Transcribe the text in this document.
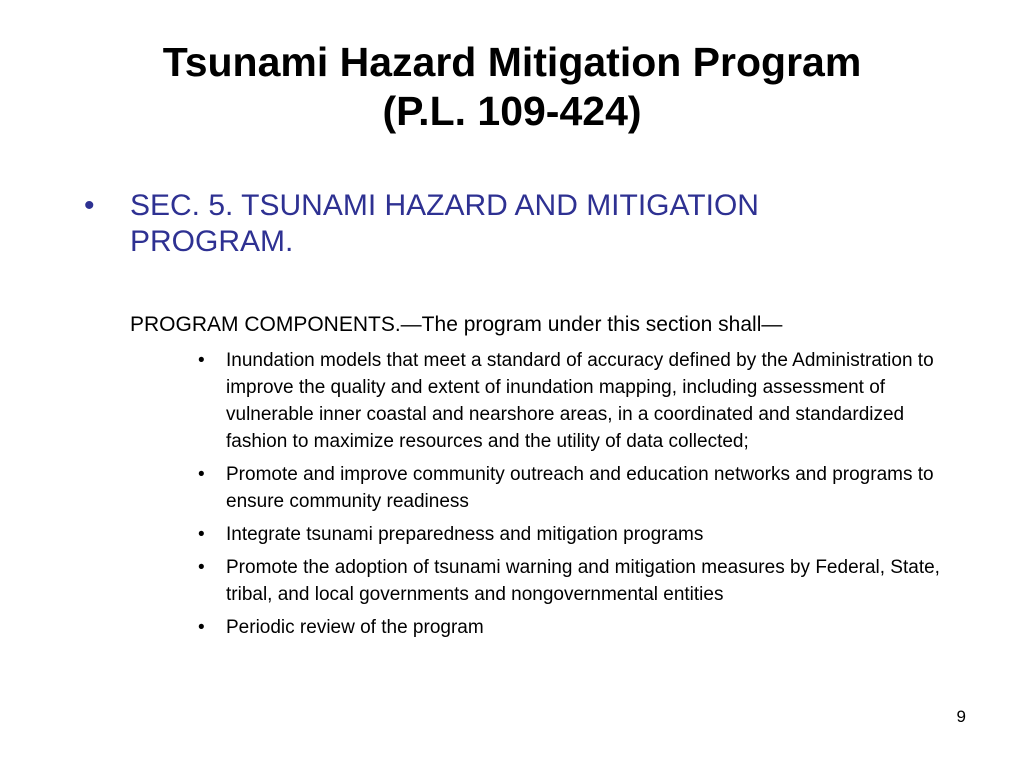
Tsunami Hazard Mitigation Program
(P.L. 109-424)
• SEC. 5. TSUNAMI HAZARD AND MITIGATION PROGRAM.
PROGRAM COMPONENTS.—The program under this section shall—
• Inundation models that meet a standard of accuracy defined by the Administration to improve the quality and extent of inundation mapping, including assessment of vulnerable inner coastal and nearshore areas, in a coordinated and standardized fashion to maximize resources and the utility of data collected;
• Promote and improve community outreach and education networks and programs to ensure community readiness
• Integrate tsunami preparedness and mitigation programs
• Promote the adoption of tsunami warning and mitigation measures by Federal, State, tribal, and local governments and nongovernmental entities
• Periodic review of the program
9
